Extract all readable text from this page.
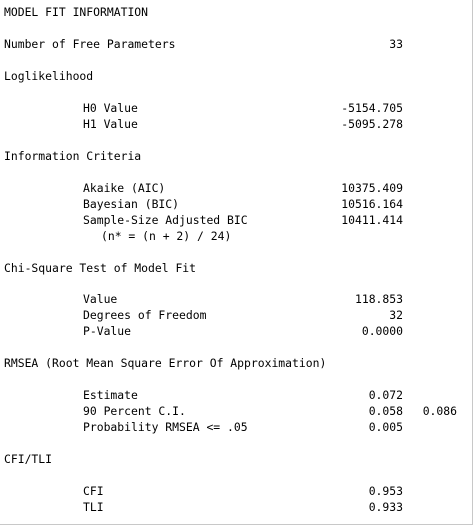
MODEL FIT INFORMATION
Number of Free Parameters	33
Loglikelihood
H0 Value	-5154.705
H1 Value	-5095.278
Information Criteria
Akaike (AIC)	10375.409
Bayesian (BIC)	10516.164
Sample-Size Adjusted BIC	10411.414
(n* = (n + 2) / 24)
Chi-Square Test of Model Fit
Value	118.853
Degrees of Freedom	32
P-Value	0.0000
RMSEA (Root Mean Square Error Of Approximation)
Estimate	0.072
90 Percent C.I.	0.058	0.086
Probability RMSEA <= .05	0.005
CFI/TLI
CFI	0.953
TLI	0.933
